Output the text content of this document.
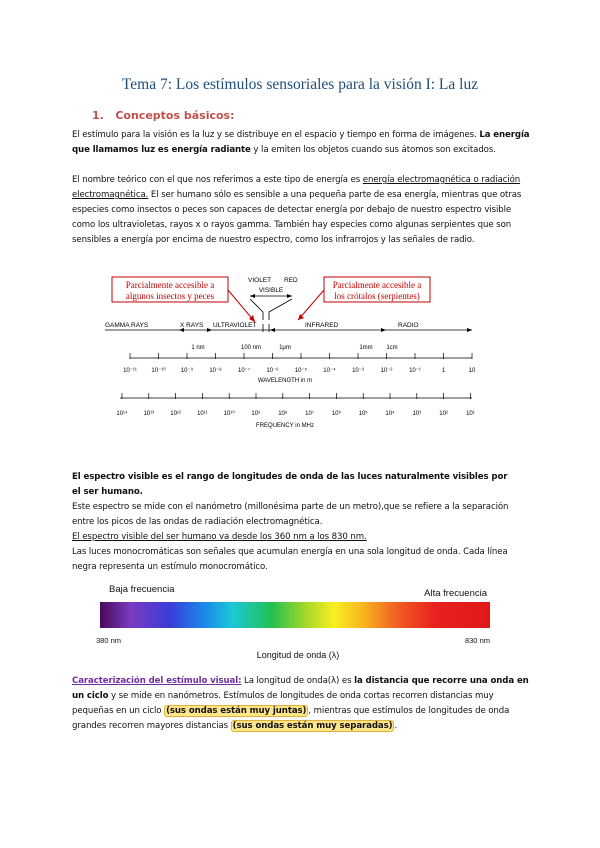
Tema 7: Los estímulos sensoriales para la visión I: La luz
1. Conceptos básicos:
El estímulo para la visión es la luz y se distribuye en el espacio y tiempo en forma de imágenes. La energía que llamamos luz es energía radiante y la emiten los objetos cuando sus átomos son excitados.
El nombre teórico con el que nos referimos a este tipo de energía es energía electromagnética o radiación electromagnética. El ser humano sólo es sensible a una pequeña parte de esa energía, mientras que otras especies como insectos o peces son capaces de detectar energía por debajo de nuestro espectro visible como los ultravioletas, rayos x o rayos gamma. También hay especies como algunas serpientes que son sensibles a energía por encima de nuestro espectro, como los infrarrojos y las señales de radio.
Parcialmente accesible a
algunos insectos y peces
Parcialmente accesible a
los crótalos (serpientes)
VIOLET RED
VISIBLE
GAMMA RAYS	X RAYS ULTRAVIOLET	INFRARED	RADIO
1 nm	100 nm	1μm	1mm 1cm
10⁻¹¹ 10⁻¹⁰	10⁻⁹	10⁻⁸	10⁻⁷	10⁻⁶	10⁻⁵	10⁻⁴	10⁻³	10⁻²	10⁻¹	1	10
WAVELENGTH in m
10¹⁴	10¹³	10¹²	10¹¹	10¹⁰	10⁹	10⁸	10⁷	10⁶	10⁵	10⁴	10³	10²	10¹
FREQUENCY in MHz
El espectro visible es el rango de longitudes de onda de las luces naturalmente visibles por
el ser humano.
Este espectro se mide con el nanómetro (millonésima parte de un metro),que se refiere a la separación entre los picos de las ondas de radiación electromagnética.
El espectro visible del ser humano va desde los 360 nm a los 830 nm.
Las luces monocromáticas son señales que acumulan energía en una sola longitud de onda. Cada línea negra representa un estímulo monocromático.
Baja frecuencia	Alta frecuencia
380 nm	830 nm
Longitud de onda (λ)
Caracterización del estímulo visual: La longitud de onda(λ) es la distancia que recorre una onda en un ciclo y se mide en nanómetros. Estímulos de longitudes de onda cortas recorren distancias muy pequeñas en un ciclo (sus ondas están muy juntas) , mientras que estímulos de longitudes de onda grandes recorren mayores distancias (sus ondas están muy separadas) .
